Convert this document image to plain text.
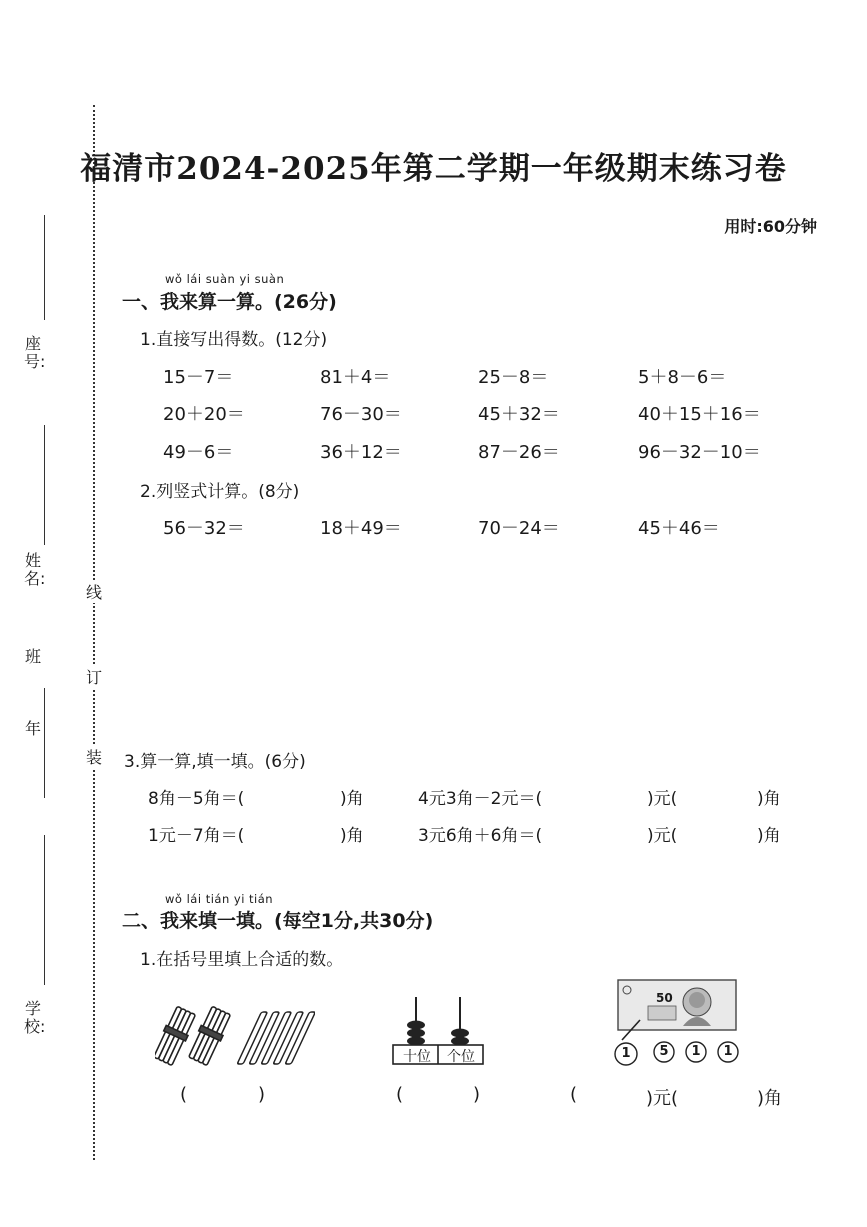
线
订
装
座号:
姓名:
班
年
学校:
福清市2024-2025年第二学期一年级期末练习卷
用时:60分钟
wǒ lái suàn yi suàn
一、我来算一算。(26分)
1.直接写出得数。(12分)
15－7＝	81＋4＝	25－8＝	5＋8－6＝
20＋20＝	76－30＝	45＋32＝	40＋15＋16＝
49－6＝	36＋12＝	87－26＝	96－32－10＝
2.列竖式计算。(8分)
56－32＝	18＋49＝	70－24＝	45＋46＝
3.算一算,填一填。(6分)
8角－5角＝(	)角	4元3角－2元＝(	)元(	)角
1元－7角＝(	)角	3元6角＋6角＝(	)元(	)角
wǒ lái tián yi tián
二、我来填一填。(每空1分,共30分)
1.在括号里填上合适的数。
十位	个位
50
1 5 1 1
(	)	(	)	(	)元(	)角
